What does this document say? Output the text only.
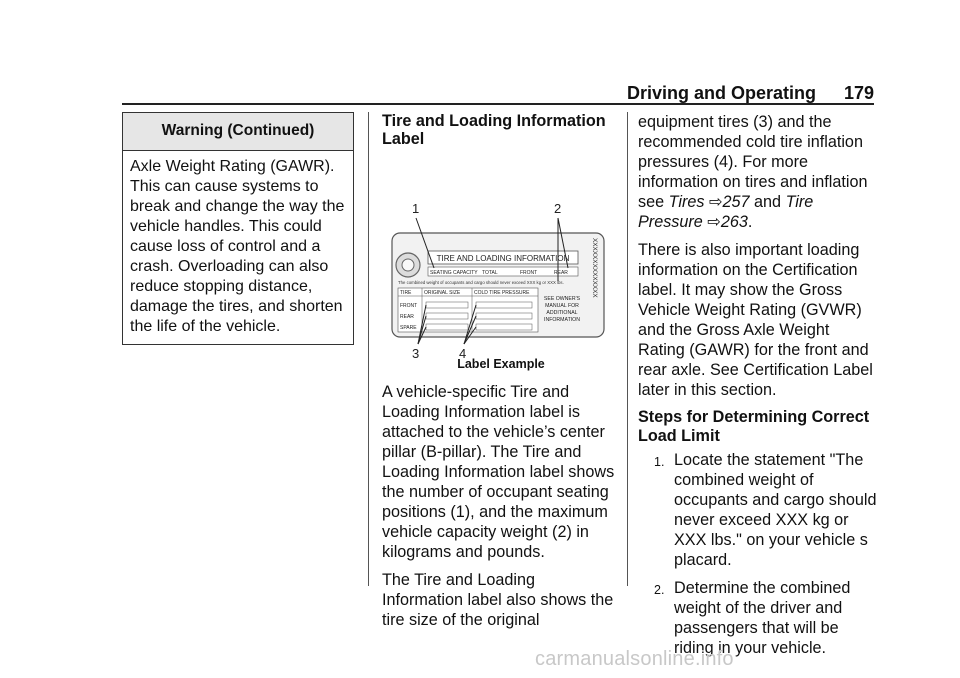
Driving and Operating 179
Warning (Continued)
Axle Weight Rating (GAWR). This can cause systems to break and change the way the vehicle handles. This could cause loss of control and a crash. Overloading can also reduce stopping distance, damage the tires, and shorten the life of the vehicle.
Tire and Loading Information Label
1	2
3	4
TIRE AND LOADING INFORMATION
SEATING CAPACITY TOTAL	FRONT	REAR
The combined weight of occupants and cargo should never exceed XXX kg or XXX lbs.
TIRE	ORIGINAL SIZE	COLD TIRE PRESSURE
FRONT
REAR
SPARE
SEE OWNER'S
MANUAL FOR
ADDITIONAL
INFORMATION
XXXXXXXXXXXXXX
Label Example

A vehicle-specific Tire and Loading Information label is attached to the vehicle’s center pillar (B-pillar). The Tire and Loading Information label shows the number of occupant seating positions (1), and the maximum vehicle capacity weight (2) in kilograms and pounds.

The Tire and Loading Information label also shows the tire size of the original

equipment tires (3) and the recommended cold tire inflation pressures (4). For more information on tires and inflation see Tires ⇨257 and Tire Pressure ⇨263.

There is also important loading information on the Certification label. It may show the Gross Vehicle Weight Rating (GVWR) and the Gross Axle Weight Rating (GAWR) for the front and rear axle. See Certification Label later in this section.

Steps for Determining Correct Load Limit
1. Locate the statement "The combined weight of occupants and cargo should never exceed XXX kg or XXX lbs." on your vehicle s placard.
2. Determine the combined weight of the driver and passengers that will be riding in your vehicle.
carmanualsonline.info
